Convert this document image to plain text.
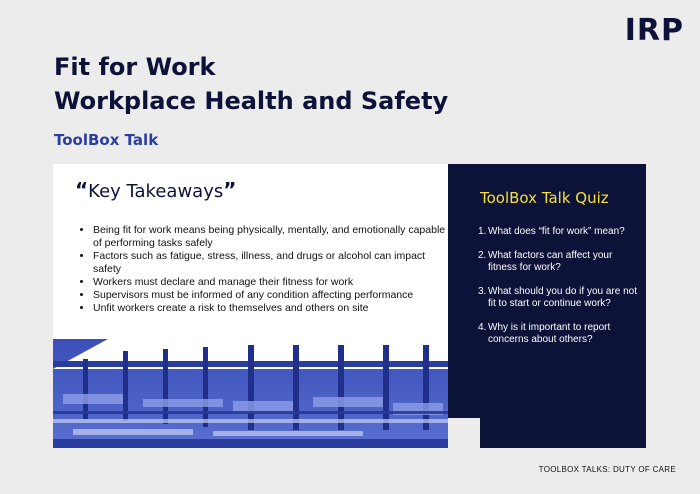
IRP
Fit for Work
Workplace Health and Safety
ToolBox Talk
“Key Takeaways”
• Being fit for work means being physically, mentally, and emotionally capable of performing tasks safely
• Factors such as fatigue, stress, illness, and drugs or alcohol can impact safety
• Workers must declare and manage their fitness for work
• Supervisors must be informed of any condition affecting performance
• Unfit workers create a risk to themselves and others on site
ToolBox Talk Quiz
1. What does “fit for work” mean?
2. What factors can affect your fitness for work?
3. What should you do if you are not fit to start or continue work?
4. Why is it important to report concerns about others?
TOOLBOX TALKS: DUTY OF CARE
